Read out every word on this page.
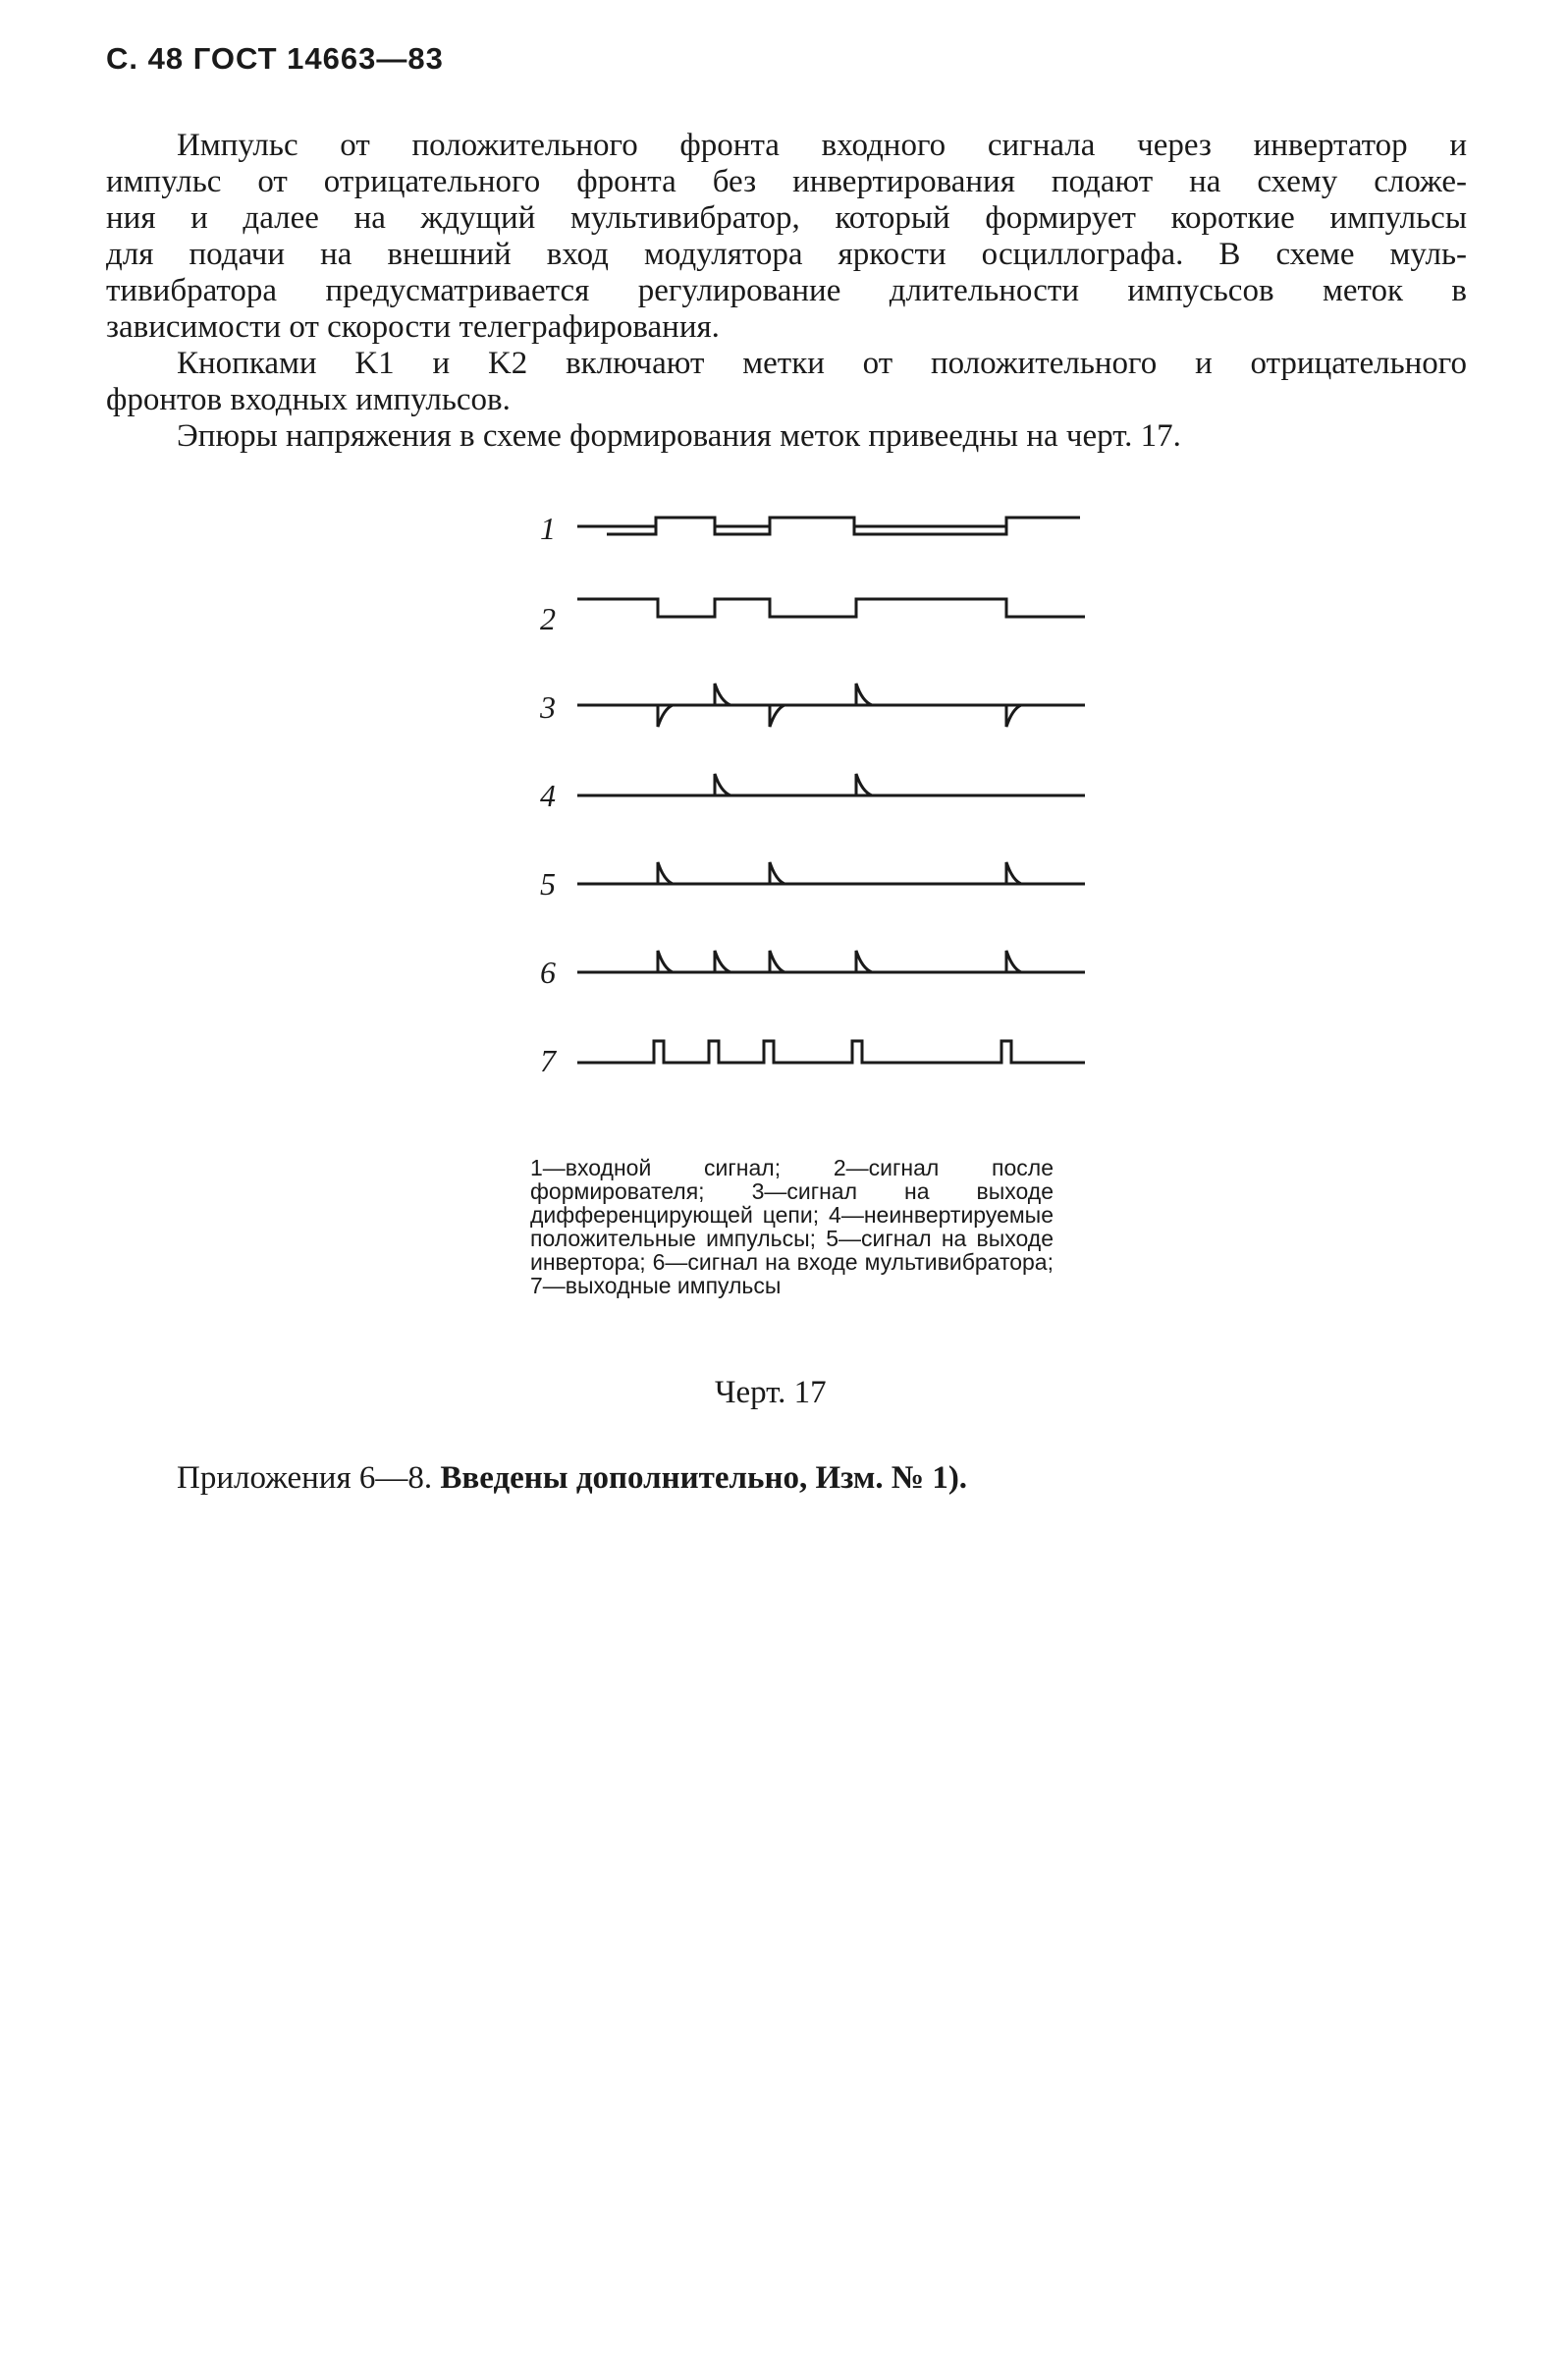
С. 48 ГОСТ 14663—83
Импульс от положительного фронта входного сигнала через инвертатор и
импульс от отрицательного фронта без инвертирования подают на схему сложе-
ния и далее на ждущий мультивибратор, который формирует короткие импульсы
для подачи на внешний вход модулятора яркости осциллографа. В схеме муль-
тивибратора предусматривается регулирование длительности импусьсов меток в
зависимости от скорости телеграфирования.
Кнопками K1 и K2 включают метки от положительного и отрицательного
фронтов входных импульсов.
Эпюры напряжения в схеме формирования меток привеедны на черт. 17.
1
2
3
4
5
6
7
1—входной сигнал; 2—сигнал после формирователя; 3—сигнал на выходе дифференцирующей цепи; 4—неинвертируемые положительные импульсы; 5—сигнал на выходе инвертора; 6—сигнал на входе мультивибратора; 7—выходные импульсы
Черт. 17
Приложения 6—8. Введены дополнительно, Изм. № 1).
